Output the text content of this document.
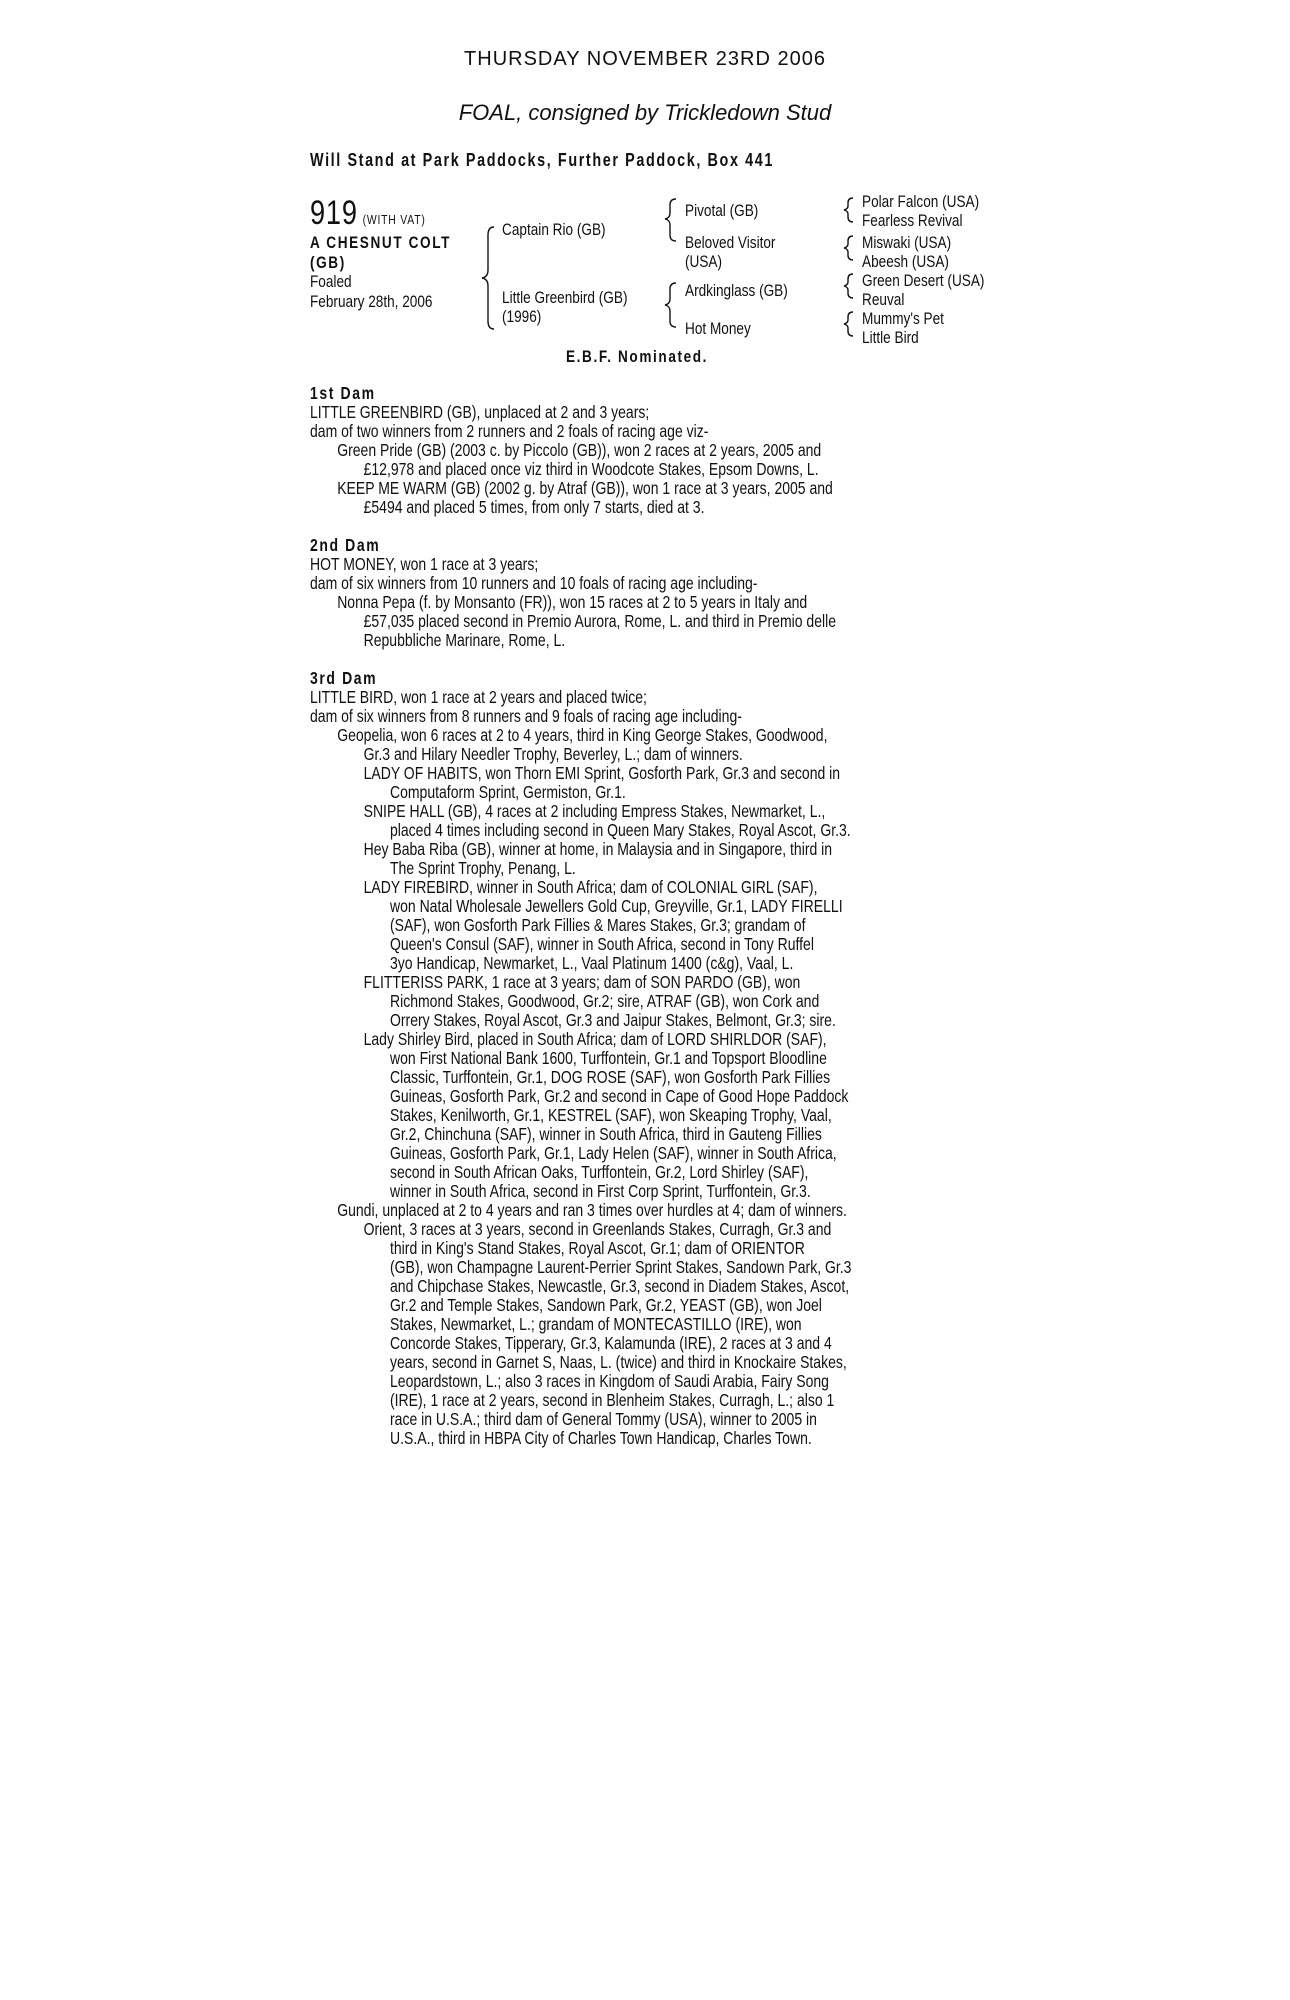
THURSDAY NOVEMBER 23RD 2006
FOAL, consigned by Trickledown Stud
Will Stand at Park Paddocks, Further Paddock, Box 441
919 (WITH VAT)
A CHESNUT COLT
(GB)
Foaled
February 28th, 2006
Captain Rio (GB)
Little Greenbird (GB)
(1996)
Pivotal (GB)
Beloved Visitor
(USA)
Ardkinglass (GB)
Hot Money
Polar Falcon (USA)
Fearless Revival
Miswaki (USA)
Abeesh (USA)
Green Desert (USA)
Reuval
Mummy's Pet
Little Bird
E.B.F. Nominated.
1st Dam
LITTLE GREENBIRD (GB), unplaced at 2 and 3 years;
dam of two winners from 2 runners and 2 foals of racing age viz-
Green Pride (GB) (2003 c. by Piccolo (GB)), won 2 races at 2 years, 2005 and
£12,978 and placed once viz third in Woodcote Stakes, Epsom Downs, L.
KEEP ME WARM (GB) (2002 g. by Atraf (GB)), won 1 race at 3 years, 2005 and
£5494 and placed 5 times, from only 7 starts, died at 3.
2nd Dam
HOT MONEY, won 1 race at 3 years;
dam of six winners from 10 runners and 10 foals of racing age including-
Nonna Pepa (f. by Monsanto (FR)), won 15 races at 2 to 5 years in Italy and
£57,035 placed second in Premio Aurora, Rome, L. and third in Premio delle
Repubbliche Marinare, Rome, L.
3rd Dam
LITTLE BIRD, won 1 race at 2 years and placed twice;
dam of six winners from 8 runners and 9 foals of racing age including-
Geopelia, won 6 races at 2 to 4 years, third in King George Stakes, Goodwood,
Gr.3 and Hilary Needler Trophy, Beverley, L.; dam of winners.
LADY OF HABITS, won Thorn EMI Sprint, Gosforth Park, Gr.3 and second in
Computaform Sprint, Germiston, Gr.1.
SNIPE HALL (GB), 4 races at 2 including Empress Stakes, Newmarket, L.,
placed 4 times including second in Queen Mary Stakes, Royal Ascot, Gr.3.
Hey Baba Riba (GB), winner at home, in Malaysia and in Singapore, third in
The Sprint Trophy, Penang, L.
LADY FIREBIRD, winner in South Africa; dam of COLONIAL GIRL (SAF),
won Natal Wholesale Jewellers Gold Cup, Greyville, Gr.1, LADY FIRELLI
(SAF), won Gosforth Park Fillies & Mares Stakes, Gr.3; grandam of
Queen's Consul (SAF), winner in South Africa, second in Tony Ruffel
3yo Handicap, Newmarket, L., Vaal Platinum 1400 (c&g), Vaal, L.
FLITTERISS PARK, 1 race at 3 years; dam of SON PARDO (GB), won
Richmond Stakes, Goodwood, Gr.2; sire, ATRAF (GB), won Cork and
Orrery Stakes, Royal Ascot, Gr.3 and Jaipur Stakes, Belmont, Gr.3; sire.
Lady Shirley Bird, placed in South Africa; dam of LORD SHIRLDOR (SAF),
won First National Bank 1600, Turffontein, Gr.1 and Topsport Bloodline
Classic, Turffontein, Gr.1, DOG ROSE (SAF), won Gosforth Park Fillies
Guineas, Gosforth Park, Gr.2 and second in Cape of Good Hope Paddock
Stakes, Kenilworth, Gr.1, KESTREL (SAF), won Skeaping Trophy, Vaal,
Gr.2, Chinchuna (SAF), winner in South Africa, third in Gauteng Fillies
Guineas, Gosforth Park, Gr.1, Lady Helen (SAF), winner in South Africa,
second in South African Oaks, Turffontein, Gr.2, Lord Shirley (SAF),
winner in South Africa, second in First Corp Sprint, Turffontein, Gr.3.
Gundi, unplaced at 2 to 4 years and ran 3 times over hurdles at 4; dam of winners.
Orient, 3 races at 3 years, second in Greenlands Stakes, Curragh, Gr.3 and
third in King's Stand Stakes, Royal Ascot, Gr.1; dam of ORIENTOR
(GB), won Champagne Laurent-Perrier Sprint Stakes, Sandown Park, Gr.3
and Chipchase Stakes, Newcastle, Gr.3, second in Diadem Stakes, Ascot,
Gr.2 and Temple Stakes, Sandown Park, Gr.2, YEAST (GB), won Joel
Stakes, Newmarket, L.; grandam of MONTECASTILLO (IRE), won
Concorde Stakes, Tipperary, Gr.3, Kalamunda (IRE), 2 races at 3 and 4
years, second in Garnet S, Naas, L. (twice) and third in Knockaire Stakes,
Leopardstown, L.; also 3 races in Kingdom of Saudi Arabia, Fairy Song
(IRE), 1 race at 2 years, second in Blenheim Stakes, Curragh, L.; also 1
race in U.S.A.; third dam of General Tommy (USA), winner to 2005 in
U.S.A., third in HBPA City of Charles Town Handicap, Charles Town.
